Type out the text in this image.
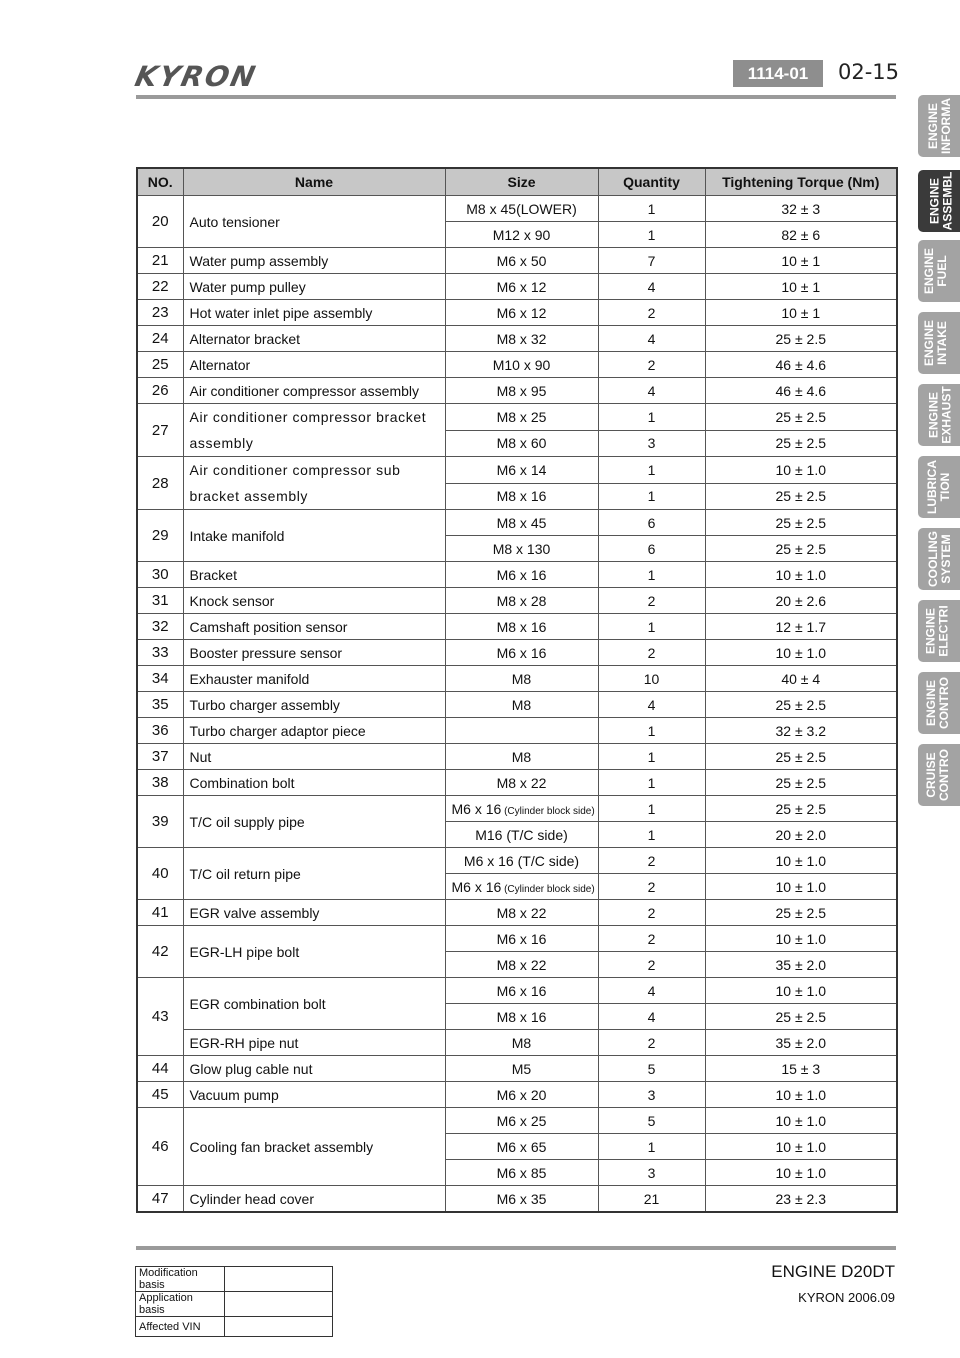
KYRON	1114-01	02-15
ENGINE
INFORMA
ENGINE
ASSEMBL
ENGINE
FUEL
ENGINE
INTAKE
ENGINE
EXHAUST
LUBRICA
TION
COOLING
SYSTEM
ENGINE
ELECTRI
ENGINE
CONTRO
CRUISE
CONTRO
NO.	Name	Size	Quantity	Tightening Torque (Nm)
20	Auto tensioner	M8 x 45(LOWER)	1	32 ± 3
		M12 x 90	1	82 ± 6
21	Water pump assembly	M6 x 50	7	10 ± 1
22	Water pump pulley	M6 x 12	4	10 ± 1
23	Hot water inlet pipe assembly	M6 x 12	2	10 ± 1
24	Alternator bracket	M8 x 32	4	25 ± 2.5
25	Alternator	M10 x 90	2	46 ± 4.6
26	Air conditioner compressor assembly	M8 x 95	4	46 ± 4.6
27	Air conditioner compressor bracket
assembly	M8 x 25	1	25 ± 2.5
		M8 x 60	3	25 ± 2.5
28	Air conditioner compressor sub
bracket assembly	M6 x 14	1	10 ± 1.0
		M8 x 16	1	25 ± 2.5
29	Intake manifold	M8 x 45	6	25 ± 2.5
		M8 x 130	6	25 ± 2.5
30	Bracket	M6 x 16	1	10 ± 1.0
31	Knock sensor	M8 x 28	2	20 ± 2.6
32	Camshaft position sensor	M8 x 16	1	12 ± 1.7
33	Booster pressure sensor	M6 x 16	2	10 ± 1.0
34	Exhauster manifold	M8	10	40 ± 4
35	Turbo charger assembly	M8	4	25 ± 2.5
36	Turbo charger adaptor piece		1	32 ± 3.2
37	Nut	M8	1	25 ± 2.5
38	Combination bolt	M8 x 22	1	25 ± 2.5
39	T/C oil supply pipe	M6 x 16 (Cylinder block side)	1	25 ± 2.5
		M16 (T/C side)	1	20 ± 2.0
40	T/C oil return pipe	M6 x 16 (T/C side)	2	10 ± 1.0
		M6 x 16 (Cylinder block side)	2	10 ± 1.0
41	EGR valve assembly	M8 x 22	2	25 ± 2.5
42	EGR-LH pipe bolt	M6 x 16	2	10 ± 1.0
		M8 x 22	2	35 ± 2.0
43	EGR combination bolt	M6 x 16	4	10 ± 1.0
		M8 x 16	4	25 ± 2.5
	EGR-RH pipe nut	M8	2	35 ± 2.0
44	Glow plug cable nut	M5	5	15 ± 3
45	Vacuum pump	M6 x 20	3	10 ± 1.0
46	Cooling fan bracket assembly	M6 x 25	5	10 ± 1.0
		M6 x 65	1	10 ± 1.0
		M6 x 85	3	10 ± 1.0
47	Cylinder head cover	M6 x 35	21	23 ± 2.3
Modification basis	
Application basis	
Affected VIN	
ENGINE D20DT
KYRON 2006.09
